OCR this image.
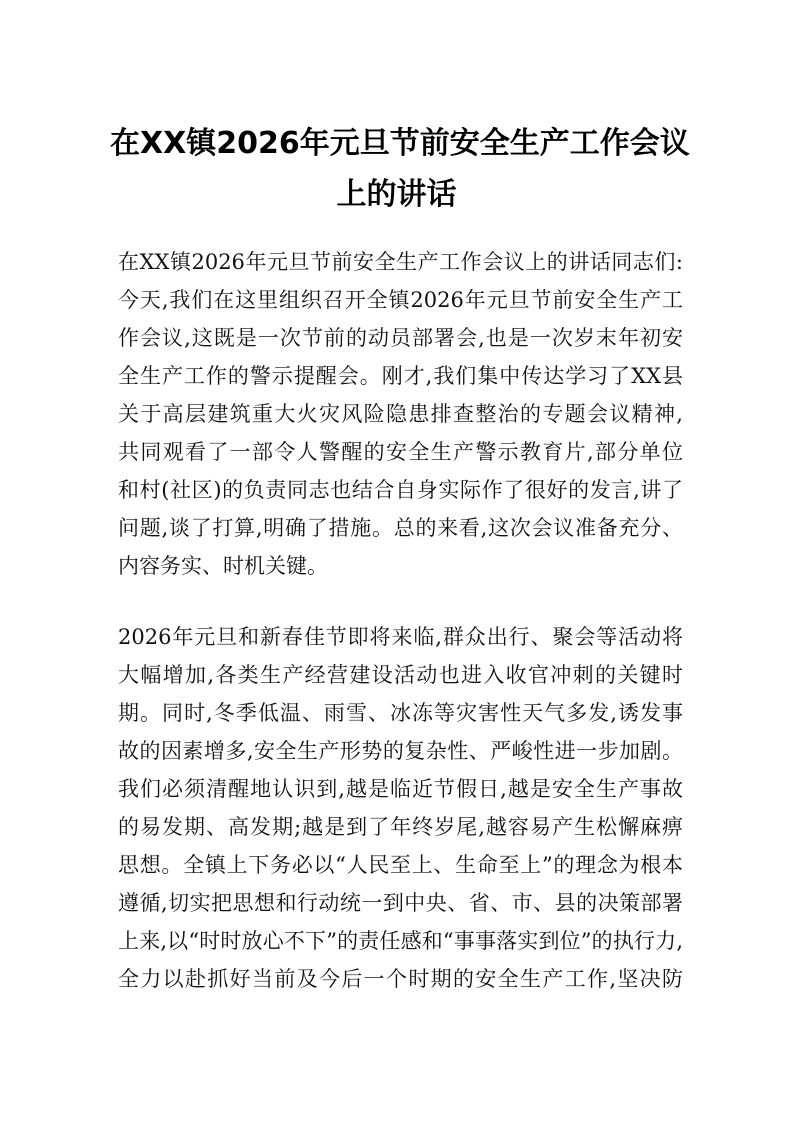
在XX镇2026年元旦节前安全生产工作会议
上的讲话
在XX镇2026年元旦节前安全生产工作会议上的讲话同志们:
今天,我们在这里组织召开全镇2026年元旦节前安全生产工
作会议,这既是一次节前的动员部署会,也是一次岁末年初安
全生产工作的警示提醒会。刚才,我们集中传达学习了XX县
关于高层建筑重大火灾风险隐患排查整治的专题会议精神,
共同观看了一部令人警醒的安全生产警示教育片,部分单位
和村(社区)的负责同志也结合自身实际作了很好的发言,讲了
问题,谈了打算,明确了措施。总的来看,这次会议准备充分、
内容务实、时机关键。
2026年元旦和新春佳节即将来临,群众出行、聚会等活动将
大幅增加,各类生产经营建设活动也进入收官冲刺的关键时
期。同时,冬季低温、雨雪、冰冻等灾害性天气多发,诱发事
故的因素增多,安全生产形势的复杂性、严峻性进一步加剧。
我们必须清醒地认识到,越是临近节假日,越是安全生产事故
的易发期、高发期;越是到了年终岁尾,越容易产生松懈麻痹
思想。全镇上下务必以“人民至上、生命至上”的理念为根本
遵循,切实把思想和行动统一到中央、省、市、县的决策部署
上来,以“时时放心不下”的责任感和“事事落实到位”的执行力,
全力以赴抓好当前及今后一个时期的安全生产工作,坚决防
